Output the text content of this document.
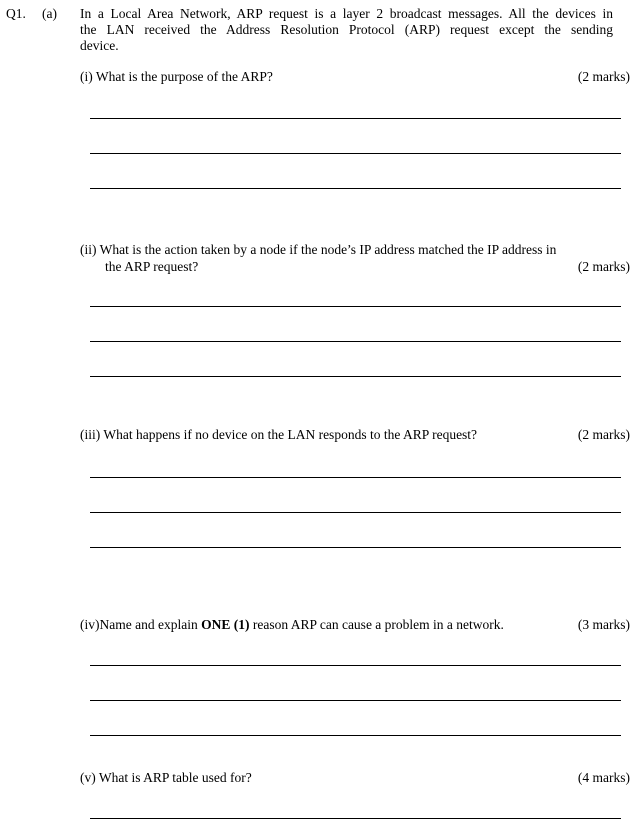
Q1. (a) In a Local Area Network, ARP request is a layer 2 broadcast messages. All the devices in
the LAN received the Address Resolution Protocol (ARP) request except the sending
device.
(i) What is the purpose of the ARP?	(2 marks)
(ii) What is the action taken by a node if the node’s IP address matched the IP address in
the ARP request?	(2 marks)
(iii) What happens if no device on the LAN responds to the ARP request?	(2 marks)
(iv)Name and explain ONE (1) reason ARP can cause a problem in a network.	(3 marks)
(v) What is ARP table used for?	(4 marks)
